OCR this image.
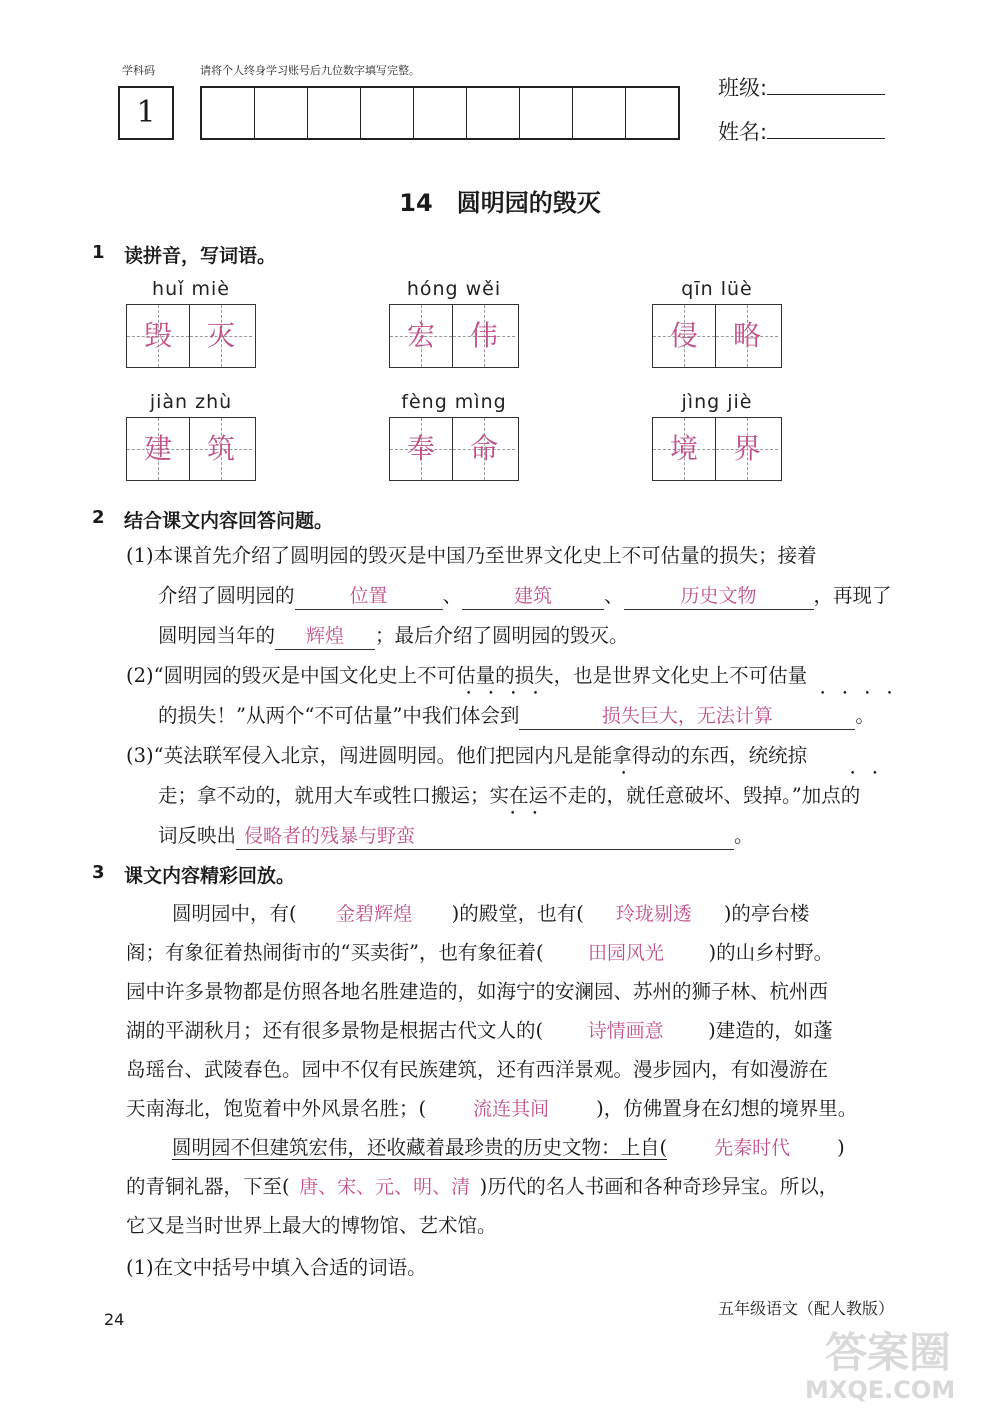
学科码	请将个人终身学习账号后九位数字填写完整。
1
班级:
姓名:
14　圆明园的毁灭
1 读拼音，写词语。
huǐ miè
毁	灭
hóng wěi
宏	伟
qīn lüè
侵	略
jiàn zhù
建	筑
fèng mìng
奉	命
jìng jiè
境	界
2 结合课文内容回答问题。
(1)本课首先介绍了圆明园的毁灭是中国乃至世界文化史上不可估量的损失；接着
介绍了圆明园的	位置	、	建筑	、	历史文物	，再现了
圆明园当年的 辉煌 ；最后介绍了圆明园的毁灭。
(2)“圆明园的毁灭是中国文化史上不可估量的损失，也是世界文化史上不可估量
••••	••••
的损失！”从两个“不可估量”中我们体会到	损失巨大，无法计算	。
(3)“英法联军侵入北京，闯进圆明园。他们把园内凡是能拿得动的东西，统统掠
•	••
走；拿不动的，就用大车或牲口搬运；实在运不走的，就任意破坏、毁掉。”加点的
••
词反映出 侵略者的残暴与野蛮	。
3 课文内容精彩回放。
圆明园中，有( 金碧辉煌 )的殿堂，也有( 玲珑剔透 )的亭台楼
阁；有象征着热闹街市的“买卖街”，也有象征着( 田园风光 )的山乡村野。
园中许多景物都是仿照各地名胜建造的，如海宁的安澜园、苏州的狮子林、杭州西
湖的平湖秋月；还有很多景物是根据古代文人的( 诗情画意 )建造的，如蓬
岛瑶台、武陵春色。园中不仅有民族建筑，还有西洋景观。漫步园内，有如漫游在
天南海北，饱览着中外风景名胜；( 流连其间 )，仿佛置身在幻想的境界里。
圆明园不但建筑宏伟，还收藏着最珍贵的历史文物：上自( 先秦时代 )
的青铜礼器，下至( 唐、宋、元、明、清 )历代的名人书画和各种奇珍异宝。所以，
它又是当时世界上最大的博物馆、艺术馆。
(1)在文中括号中填入合适的词语。
24
五年级语文（配人教版）
答案圈
MXQE.COM
